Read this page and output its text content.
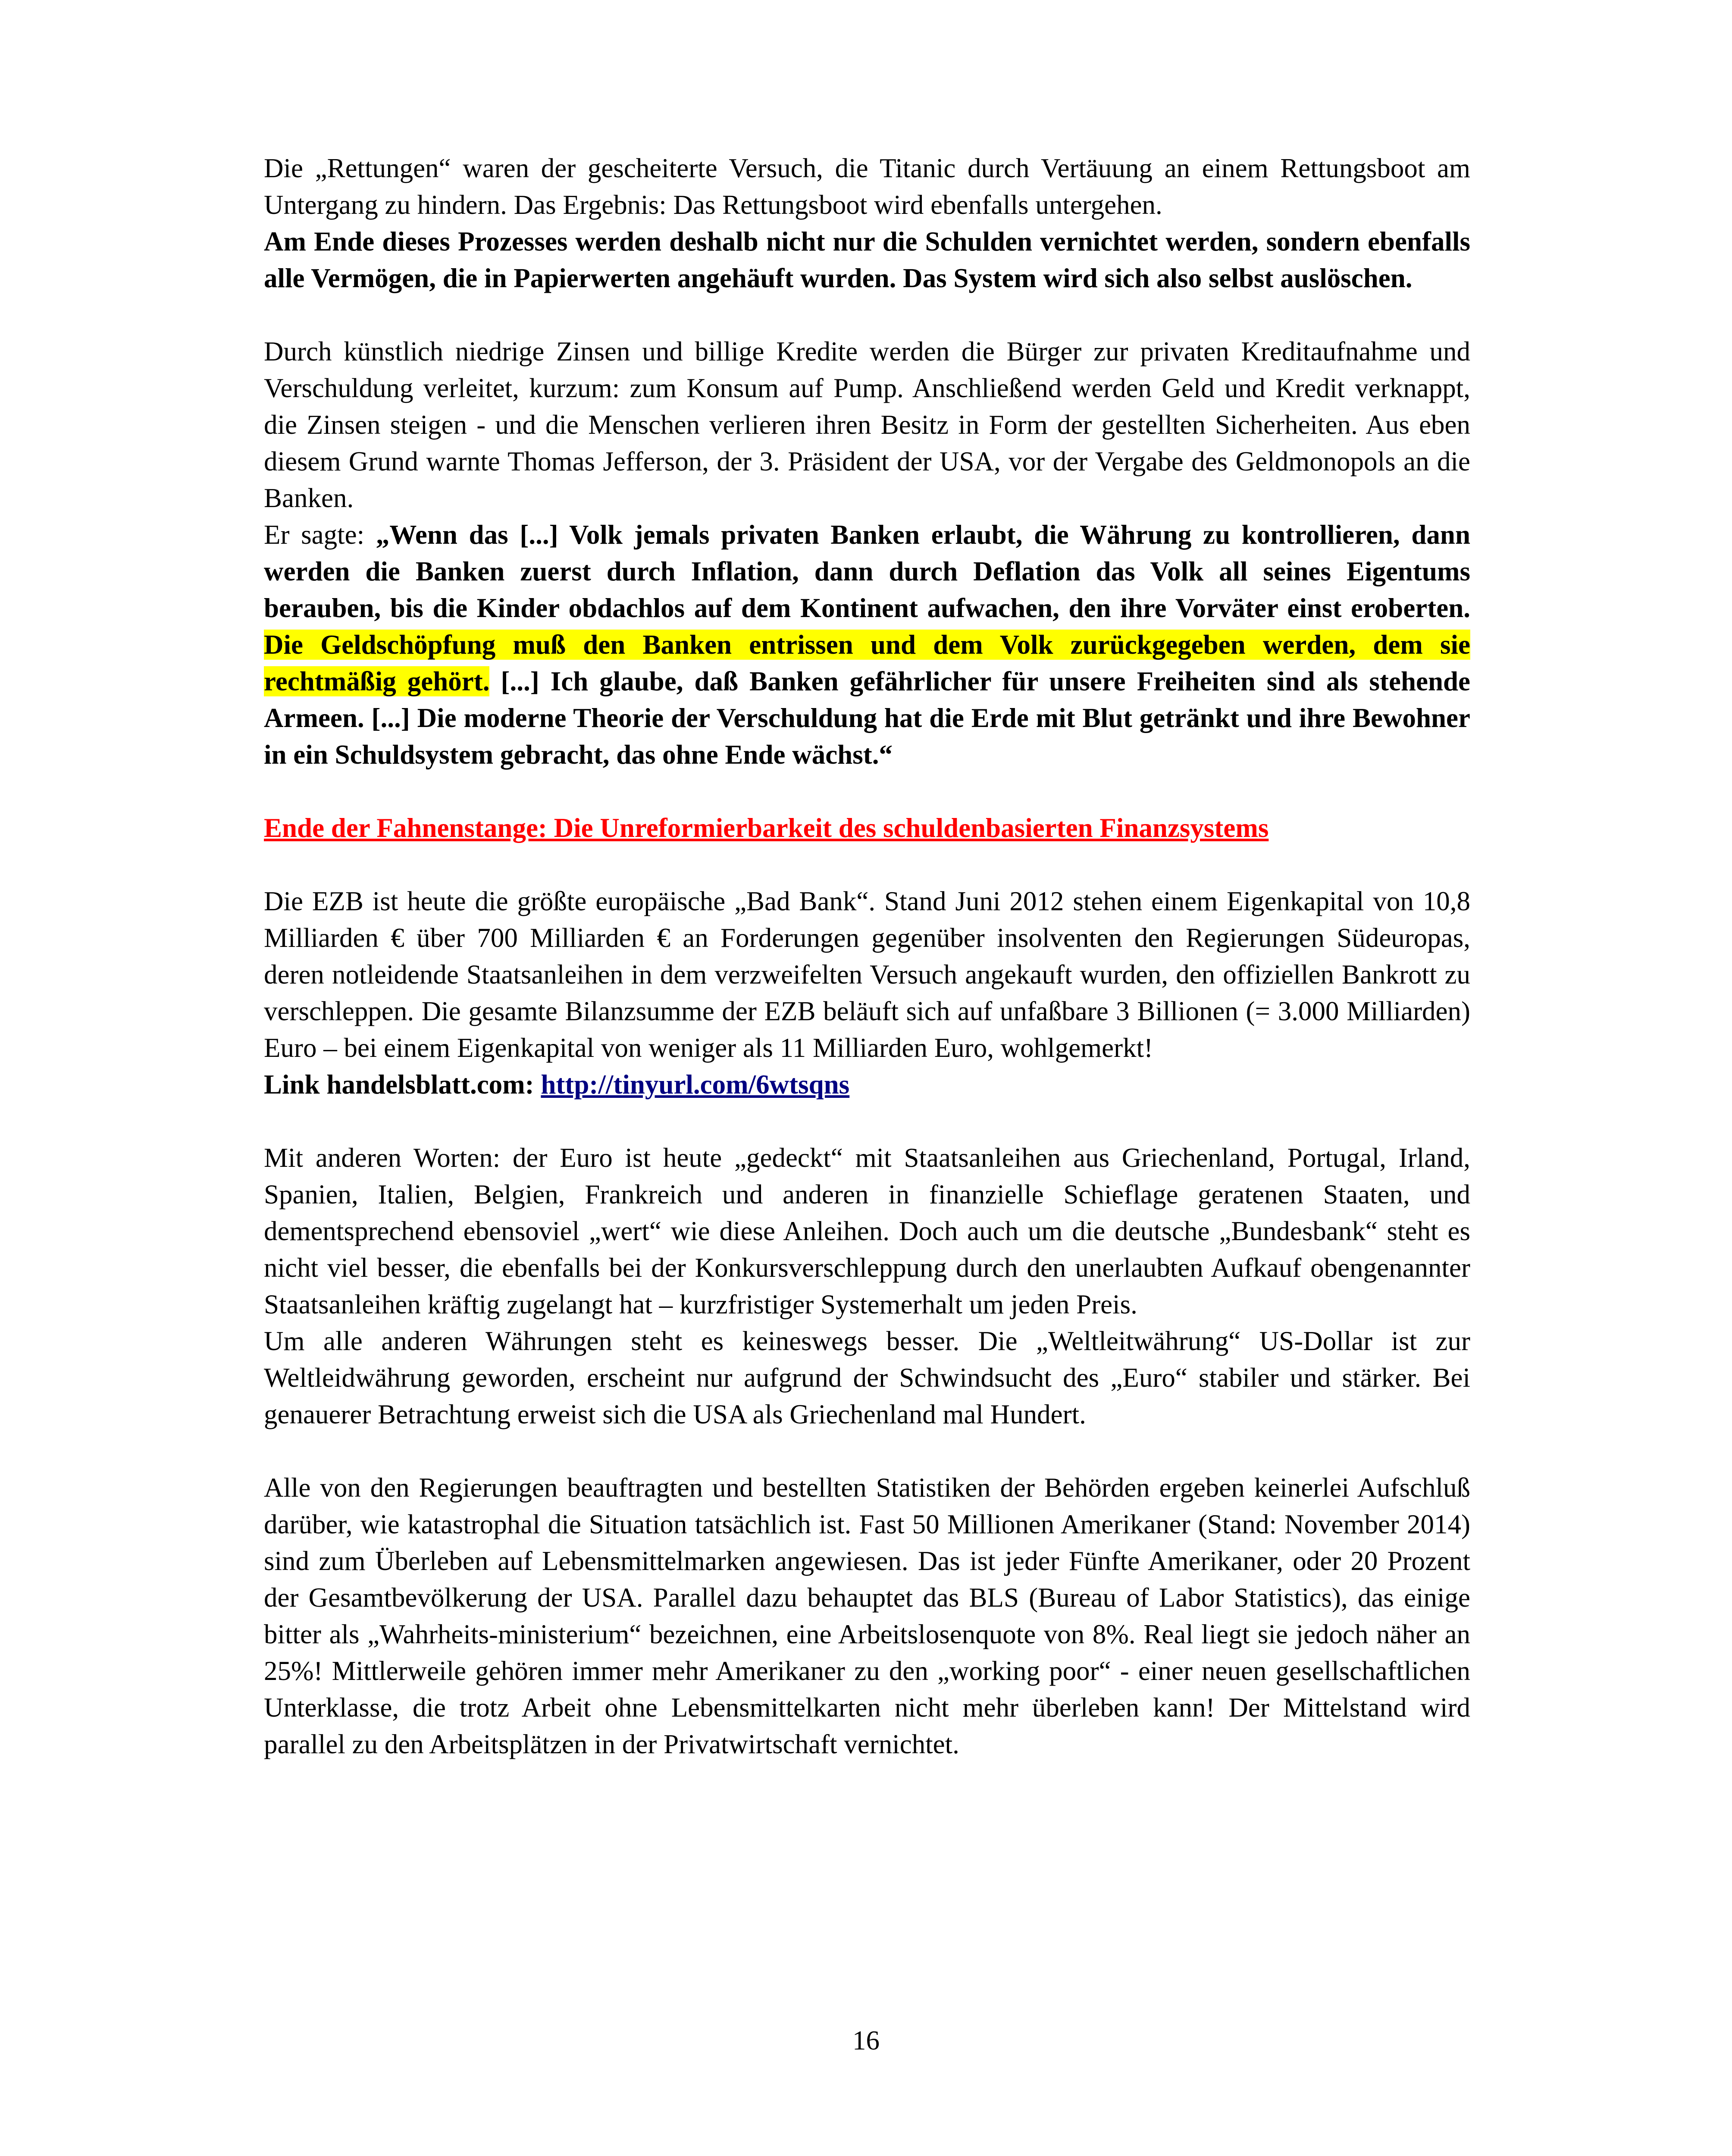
Die „Rettungen“ waren der gescheiterte Versuch, die Titanic durch Vertäuung an einem Rettungsboot am Untergang zu hindern. Das Ergebnis: Das Rettungsboot wird ebenfalls untergehen.

Am Ende dieses Prozesses werden deshalb nicht nur die Schulden vernichtet werden, sondern ebenfalls alle Vermögen, die in Papierwerten angehäuft wurden. Das System wird sich also selbst auslöschen.

Durch künstlich niedrige Zinsen und billige Kredite werden die Bürger zur privaten Kreditaufnahme und Verschuldung verleitet, kurzum: zum Konsum auf Pump. Anschließend werden Geld und Kredit verknappt, die Zinsen steigen - und die Menschen verlieren ihren Besitz in Form der gestellten Sicherheiten. Aus eben diesem Grund warnte Thomas Jefferson, der 3. Präsident der USA, vor der Vergabe des Geldmonopols an die Banken.

Er sagte: „Wenn das [...] Volk jemals privaten Banken erlaubt, die Währung zu kontrollieren, dann werden die Banken zuerst durch Inflation, dann durch Deflation das Volk all seines Eigentums berauben, bis die Kinder obdachlos auf dem Kontinent aufwachen, den ihre Vorväter einst eroberten. Die Geldschöpfung muß den Banken entrissen und dem Volk zurückgegeben werden, dem sie rechtmäßig gehört. [...] Ich glaube, daß Banken gefährlicher für unsere Freiheiten sind als stehende Armeen. [...] Die moderne Theorie der Verschuldung hat die Erde mit Blut getränkt und ihre Bewohner in ein Schuldsystem gebracht, das ohne Ende wächst.“

Ende der Fahnenstange: Die Unreformierbarkeit des schuldenbasierten Finanzsystems

Die EZB ist heute die größte europäische „Bad Bank“. Stand Juni 2012 stehen einem Eigenkapital von 10,8 Milliarden € über 700 Milliarden € an Forderungen gegenüber insolventen den Regierungen Südeuropas, deren notleidende Staatsanleihen in dem verzweifelten Versuch angekauft wurden, den offiziellen Bankrott zu verschleppen. Die gesamte Bilanzsumme der EZB beläuft sich auf unfaßbare 3 Billionen (= 3.000 Milliarden) Euro – bei einem Eigenkapital von weniger als 11 Milliarden Euro, wohlgemerkt!

Link handelsblatt.com: http://tinyurl.com/6wtsqns

Mit anderen Worten: der Euro ist heute „gedeckt“ mit Staatsanleihen aus Griechenland, Portugal, Irland, Spanien, Italien, Belgien, Frankreich und anderen in finanzielle Schieflage geratenen Staaten, und dementsprechend ebensoviel „wert“ wie diese Anleihen. Doch auch um die deutsche „Bundesbank“ steht es nicht viel besser, die ebenfalls bei der Konkursverschleppung durch den unerlaubten Aufkauf obengenannter Staatsanleihen kräftig zugelangt hat – kurzfristiger Systemerhalt um jeden Preis.

Um alle anderen Währungen steht es keineswegs besser. Die „Weltleitwährung“ US-Dollar ist zur Weltleidwährung geworden, erscheint nur aufgrund der Schwindsucht des „Euro“ stabiler und stärker. Bei genauerer Betrachtung erweist sich die USA als Griechenland mal Hundert.

Alle von den Regierungen beauftragten und bestellten Statistiken der Behörden ergeben keinerlei Aufschluß darüber, wie katastrophal die Situation tatsächlich ist. Fast 50 Millionen Amerikaner (Stand: November 2014) sind zum Überleben auf Lebensmittelmarken angewiesen. Das ist jeder Fünfte Amerikaner, oder 20 Prozent der Gesamtbevölkerung der USA. Parallel dazu behauptet das BLS (Bureau of Labor Statistics), das einige bitter als „Wahrheits-ministerium“ bezeichnen, eine Arbeitslosenquote von 8%. Real liegt sie jedoch näher an 25%! Mittlerweile gehören immer mehr Amerikaner zu den „working poor“ - einer neuen gesellschaftlichen Unterklasse, die trotz Arbeit ohne Lebensmittelkarten nicht mehr überleben kann! Der Mittelstand wird parallel zu den Arbeitsplätzen in der Privatwirtschaft vernichtet.

16
